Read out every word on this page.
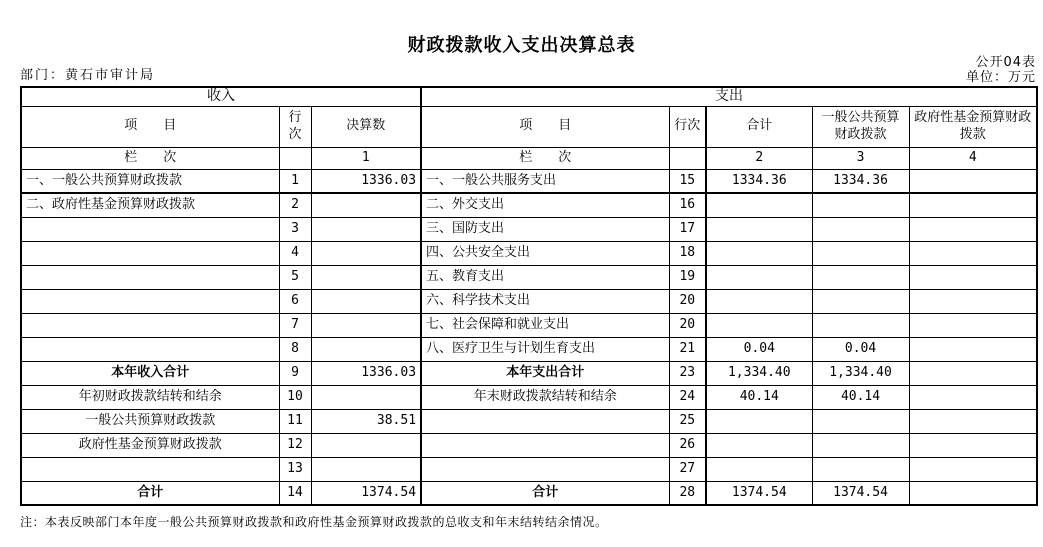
财政拨款收入支出决算总表
公开04表
部门：黄石市审计局	单位：万元
收入			支出				
项　　目	行次	决算数	项　　目	行次	合计	一般公共预算财政拨款	政府性基金预算财政拨款
栏　　次		1	栏　　次		2	3	4
一、一般公共预算财政拨款	1	1336.03	一、一般公共服务支出	15	1334.36	1334.36	
二、政府性基金预算财政拨款	2		二、外交支出	16			
	3		三、国防支出	17			
	4		四、公共安全支出	18			
	5		五、教育支出	19			
	6		六、科学技术支出	20			
	7		七、社会保障和就业支出	20			
	8		八、医疗卫生与计划生育支出	21	0.04	0.04	
本年收入合计	9	1336.03	本年支出合计	23	1,334.40	1,334.40	
年初财政拨款结转和结余	10		年末财政拨款结转和结余	24	40.14	40.14	
一般公共预算财政拨款	11	38.51		25			
政府性基金预算财政拨款	12			26			
	13			27			
合计	14	1374.54	合计	28	1374.54	1374.54	
注：本表反映部门本年度一般公共预算财政拨款和政府性基金预算财政拨款的总收支和年末结转结余情况。
